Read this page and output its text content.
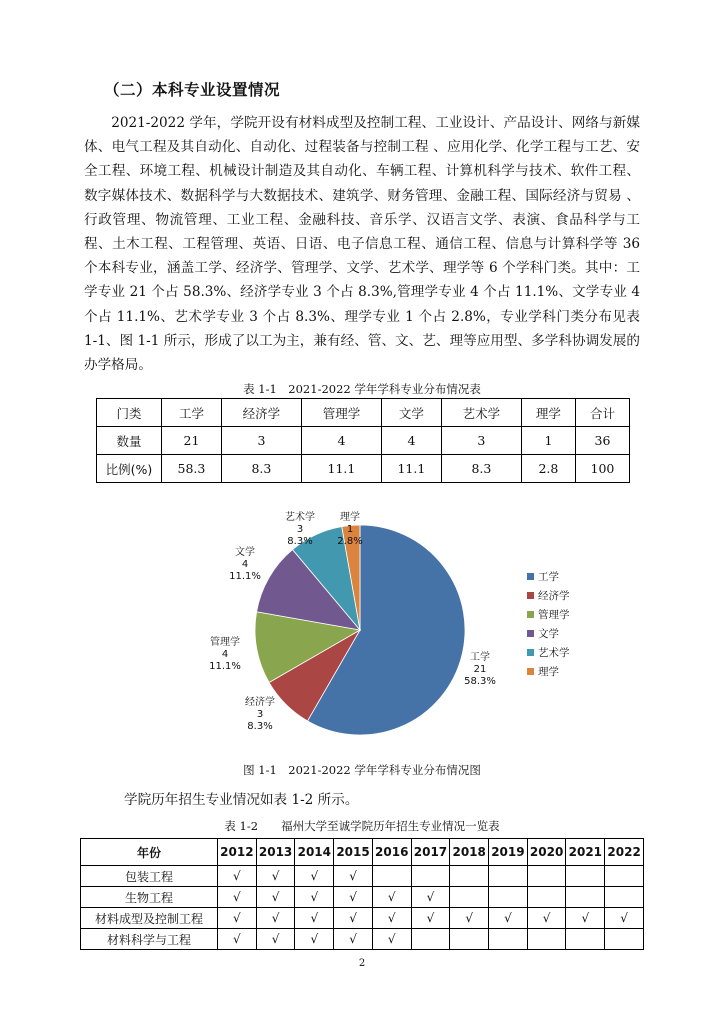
（二）本科专业设置情况
2021-2022 学年，学院开设有材料成型及控制工程、工业设计、产品设计、网络与新媒体、电气工程及其自动化、自动化、过程装备与控制工程 、应用化学、化学工程与工艺、安全工程、环境工程、机械设计制造及其自动化、车辆工程、计算机科学与技术、软件工程、数字媒体技术、数据科学与大数据技术、建筑学、财务管理、金融工程、国际经济与贸易 、行政管理、物流管理、工业工程、金融科技、音乐学、汉语言文学、表演、食品科学与工程、土木工程、工程管理、英语、日语、电子信息工程、通信工程、信息与计算科学等 36 个本科专业，涵盖工学、经济学、管理学、文学、艺术学、理学等 6 个学科门类。其中：工学专业 21 个占 58.3%、经济学专业 3 个占 8.3%,管理学专业 4 个占 11.1%、文学专业 4 个占 11.1%、艺术学专业 3 个占 8.3%、理学专业 1 个占 2.8%，专业学科门类分布见表 1-1、图 1-1 所示，形成了以工为主，兼有经、管、文、艺、理等应用型、多学科协调发展的办学格局。
表 1-1　2021-2022 学年学科专业分布情况表
门类	工学	经济学	管理学	文学	艺术学	理学	合计
数量	21	3	4	4	3	1	36
比例(%)	58.3	8.3	11.1	11.1	8.3	2.8	100
工学
21
58.3%
经济学
3
8.3%
管理学
4
11.1%
文学
4
11.1%
艺术学
3
8.3%
理学
1
2.8%
工学
经济学
管理学
文学
艺术学
理学
图 1-1　2021-2022 学年学科专业分布情况图
学院历年招生专业情况如表 1-2 所示。
表 1-2　　福州大学至诚学院历年招生专业情况一览表
年份	2012	2013	2014	2015	2016	2017	2018	2019	2020	2021	2022
包装工程	√	√	√	√							
生物工程	√	√	√	√	√	√					
材料成型及控制工程	√	√	√	√	√	√	√	√	√	√	√
材料科学与工程	√	√	√	√	√						
2
